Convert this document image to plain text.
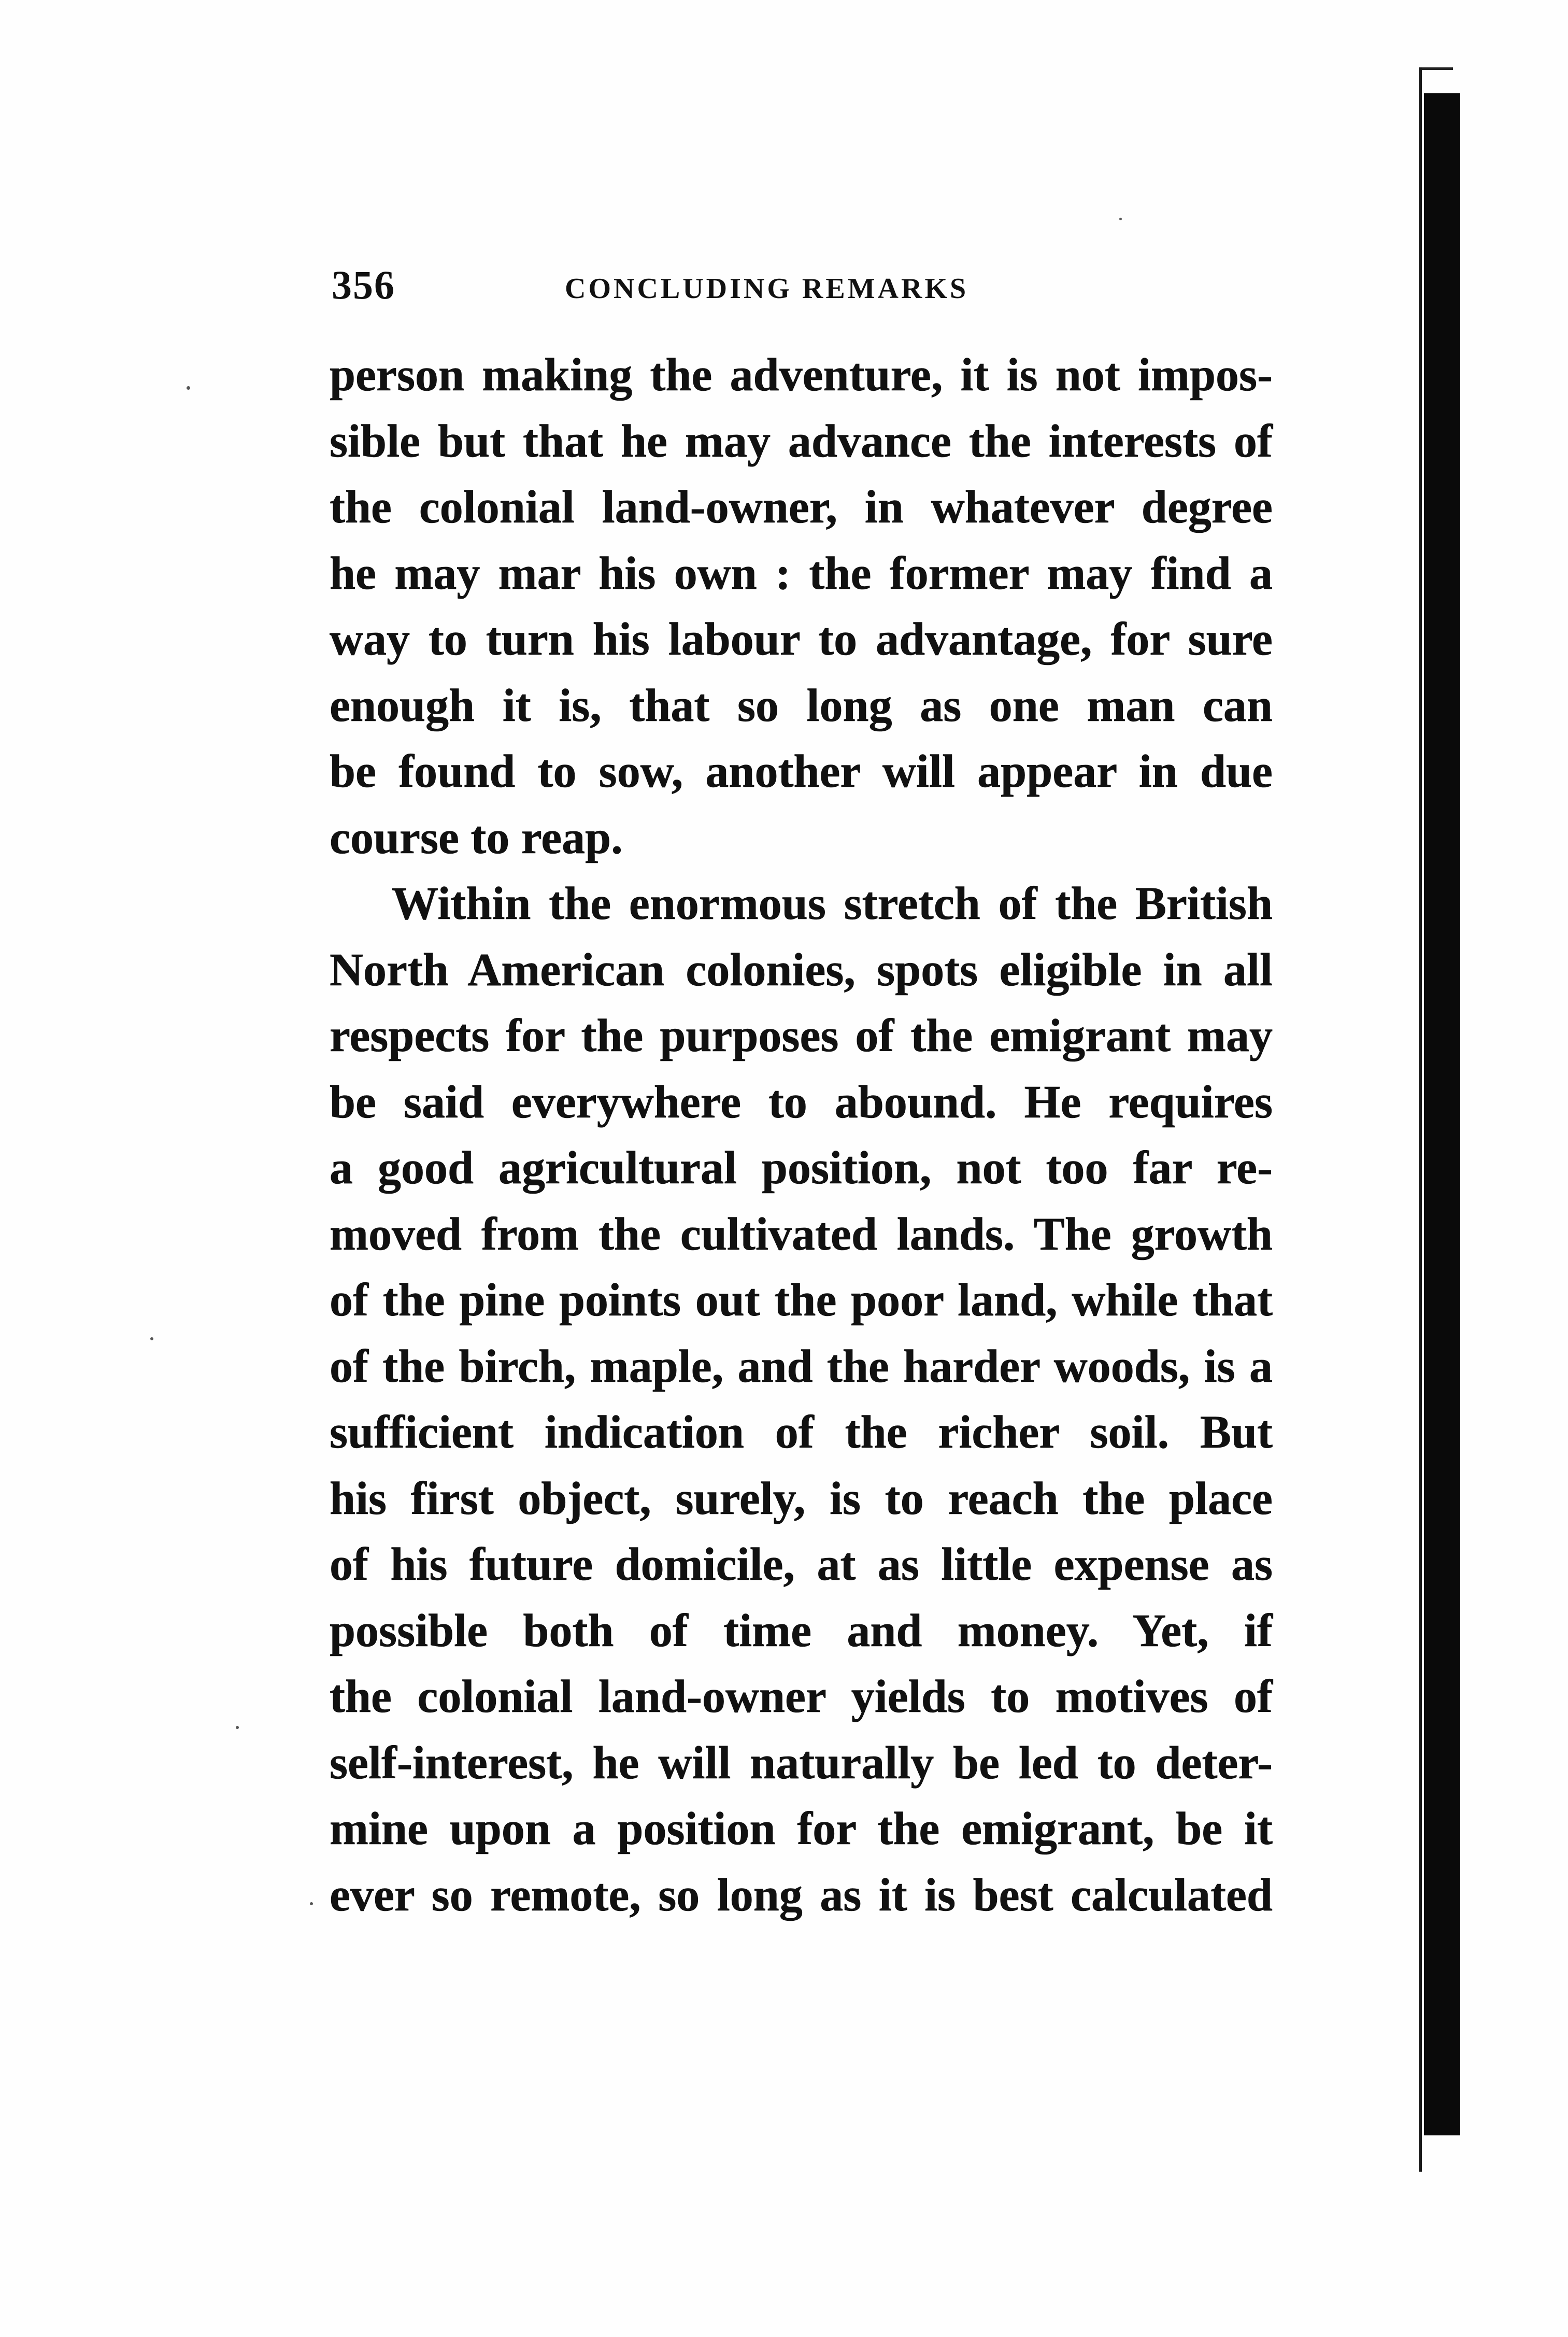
356	CONCLUDING REMARKS
person making the adventure, it is not impos-
sible but that he may advance the interests of
the colonial land-owner, in whatever degree
he may mar his own : the former may find a
way to turn his labour to advantage, for sure
enough it is, that so long as one man can
be found to sow, another will appear in due
course to reap.
Within the enormous stretch of the British
North American colonies, spots eligible in all
respects for the purposes of the emigrant may
be said everywhere to abound. He requires
a good agricultural position, not too far re-
moved from the cultivated lands. The growth
of the pine points out the poor land, while that
of the birch, maple, and the harder woods, is a
sufficient indication of the richer soil. But
his first object, surely, is to reach the place
of his future domicile, at as little expense as
possible both of time and money. Yet, if
the colonial land-owner yields to motives of
self-interest, he will naturally be led to deter-
mine upon a position for the emigrant, be it
ever so remote, so long as it is best calculated
